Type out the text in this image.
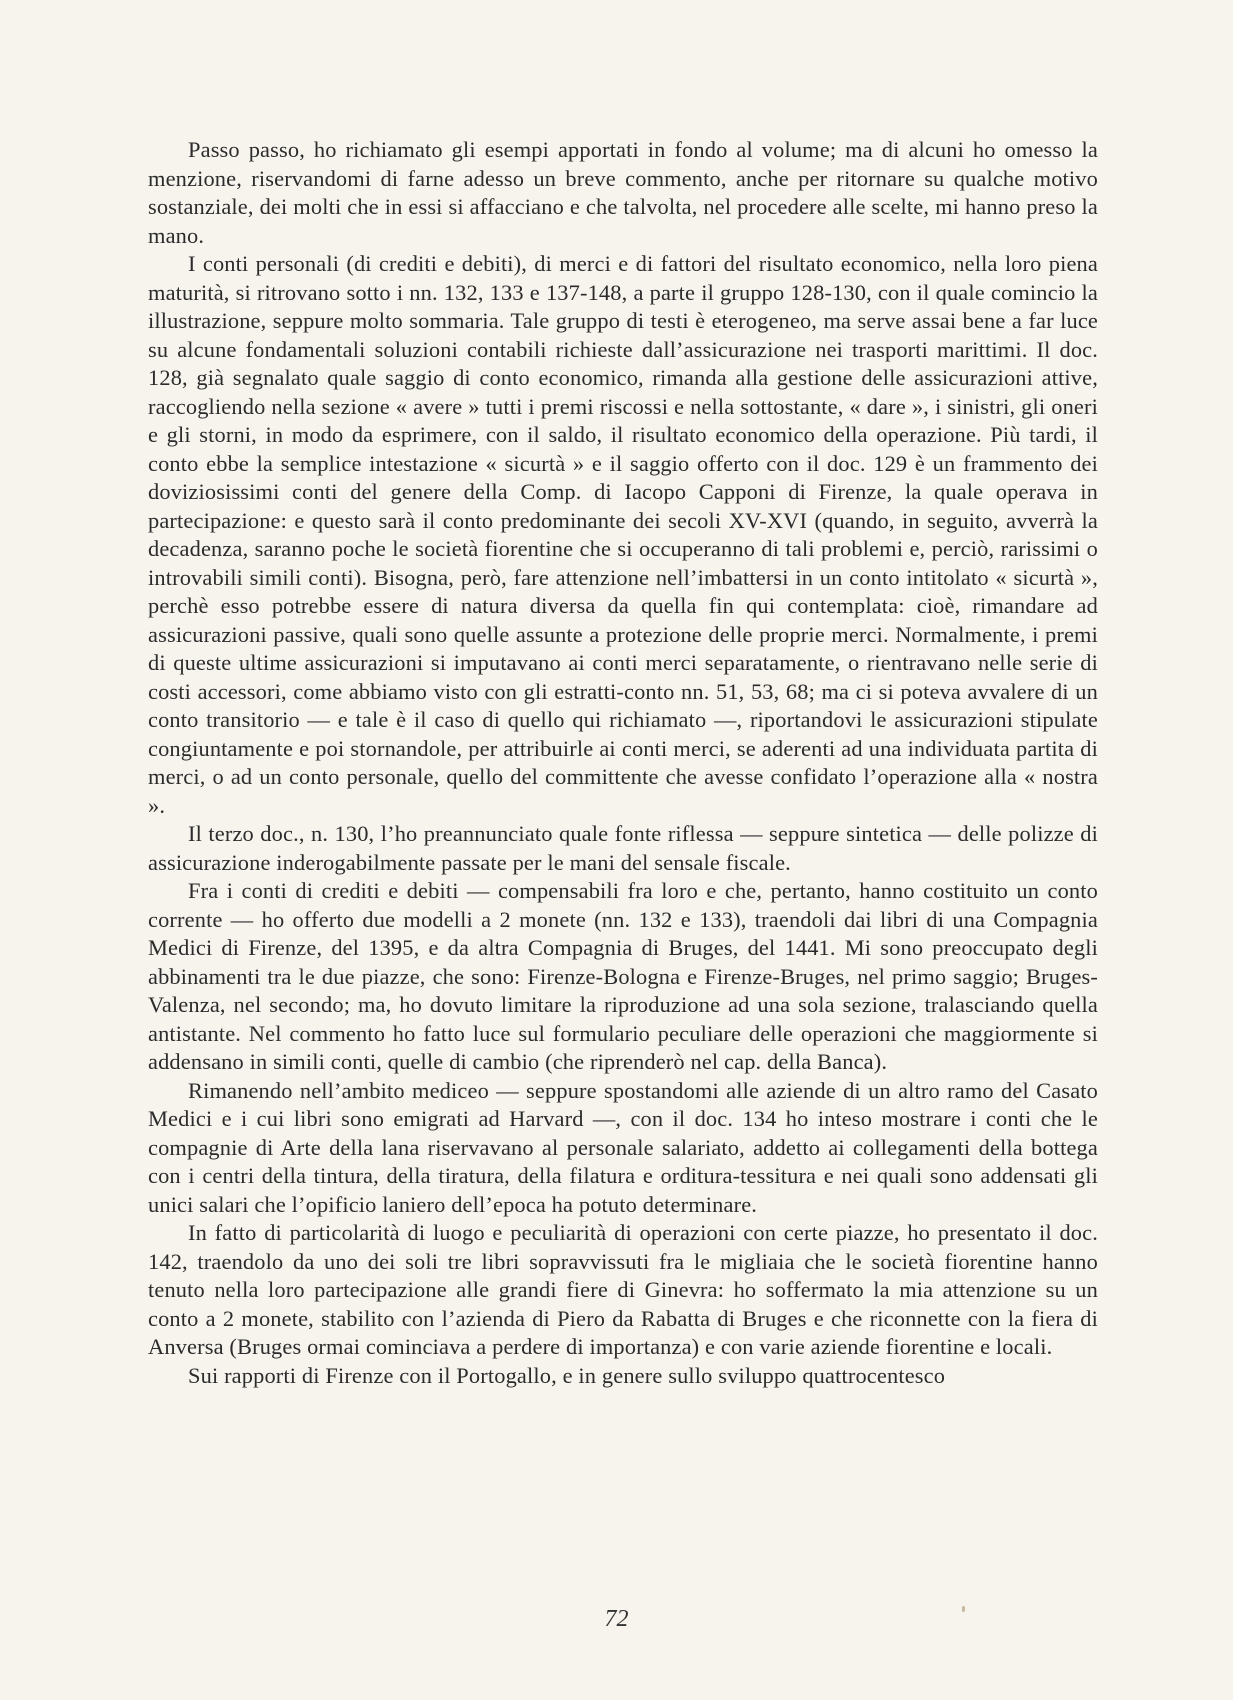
Passo passo, ho richiamato gli esempi apportati in fondo al volume; ma di alcuni ho omesso la menzione, riservandomi di farne adesso un breve commento, anche per ritornare su qualche motivo sostanziale, dei molti che in essi si affacciano e che talvolta, nel procedere alle scelte, mi hanno preso la mano.

I conti personali (di crediti e debiti), di merci e di fattori del risultato economico, nella loro piena maturità, si ritrovano sotto i nn. 132, 133 e 137-148, a parte il gruppo 128-130, con il quale comincio la illustrazione, seppure molto sommaria. Tale gruppo di testi è eterogeneo, ma serve assai bene a far luce su alcune fondamentali soluzioni contabili richieste dall’assicurazione nei trasporti marittimi. Il doc. 128, già segnalato quale saggio di conto economico, rimanda alla gestione delle assicurazioni attive, raccogliendo nella sezione « avere » tutti i premi riscossi e nella sottostante, « dare », i sinistri, gli oneri e gli storni, in modo da esprimere, con il saldo, il risultato economico della operazione. Più tardi, il conto ebbe la semplice intestazione « sicurtà » e il saggio offerto con il doc. 129 è un frammento dei doviziosissimi conti del genere della Comp. di Iacopo Capponi di Firenze, la quale operava in partecipazione: e questo sarà il conto predominante dei secoli XV-XVI (quando, in seguito, avverrà la decadenza, saranno poche le società fiorentine che si occuperanno di tali problemi e, perciò, rarissimi o introvabili simili conti). Bisogna, però, fare attenzione nell’imbattersi in un conto intitolato « sicurtà », perchè esso potrebbe essere di natura diversa da quella fin qui contemplata: cioè, rimandare ad assicurazioni passive, quali sono quelle assunte a protezione delle proprie merci. Normalmente, i premi di queste ultime assicurazioni si imputavano ai conti merci separatamente, o rientravano nelle serie di costi accessori, come abbiamo visto con gli estratti-conto nn. 51, 53, 68; ma ci si poteva avvalere di un conto transitorio — e tale è il caso di quello qui richiamato —, riportandovi le assicurazioni stipulate congiuntamente e poi stornandole, per attribuirle ai conti merci, se aderenti ad una individuata partita di merci, o ad un conto personale, quello del committente che avesse confidato l’operazione alla « nostra ».

Il terzo doc., n. 130, l’ho preannunciato quale fonte riflessa — seppure sintetica — delle polizze di assicurazione inderogabilmente passate per le mani del sensale fiscale.

Fra i conti di crediti e debiti — compensabili fra loro e che, pertanto, hanno costituito un conto corrente — ho offerto due modelli a 2 monete (nn. 132 e 133), traendoli dai libri di una Compagnia Medici di Firenze, del 1395, e da altra Compagnia di Bruges, del 1441. Mi sono preoccupato degli abbinamenti tra le due piazze, che sono: Firenze-Bologna e Firenze-Bruges, nel primo saggio; Bruges-Valenza, nel secondo; ma, ho dovuto limitare la riproduzione ad una sola sezione, tralasciando quella antistante. Nel commento ho fatto luce sul formulario peculiare delle operazioni che maggiormente si addensano in simili conti, quelle di cambio (che riprenderò nel cap. della Banca).

Rimanendo nell’ambito mediceo — seppure spostandomi alle aziende di un altro ramo del Casato Medici e i cui libri sono emigrati ad Harvard —, con il doc. 134 ho inteso mostrare i conti che le compagnie di Arte della lana riservavano al personale salariato, addetto ai collegamenti della bottega con i centri della tintura, della tiratura, della filatura e orditura-tessitura e nei quali sono addensati gli unici salari che l’opificio laniero dell’epoca ha potuto determinare.

In fatto di particolarità di luogo e peculiarità di operazioni con certe piazze, ho presentato il doc. 142, traendolo da uno dei soli tre libri sopravvissuti fra le migliaia che le società fiorentine hanno tenuto nella loro partecipazione alle grandi fiere di Ginevra: ho soffermato la mia attenzione su un conto a 2 monete, stabilito con l’azienda di Piero da Rabatta di Bruges e che riconnette con la fiera di Anversa (Bruges ormai cominciava a perdere di importanza) e con varie aziende fiorentine e locali.

Sui rapporti di Firenze con il Portogallo, e in genere sullo sviluppo quattrocentesco

72
